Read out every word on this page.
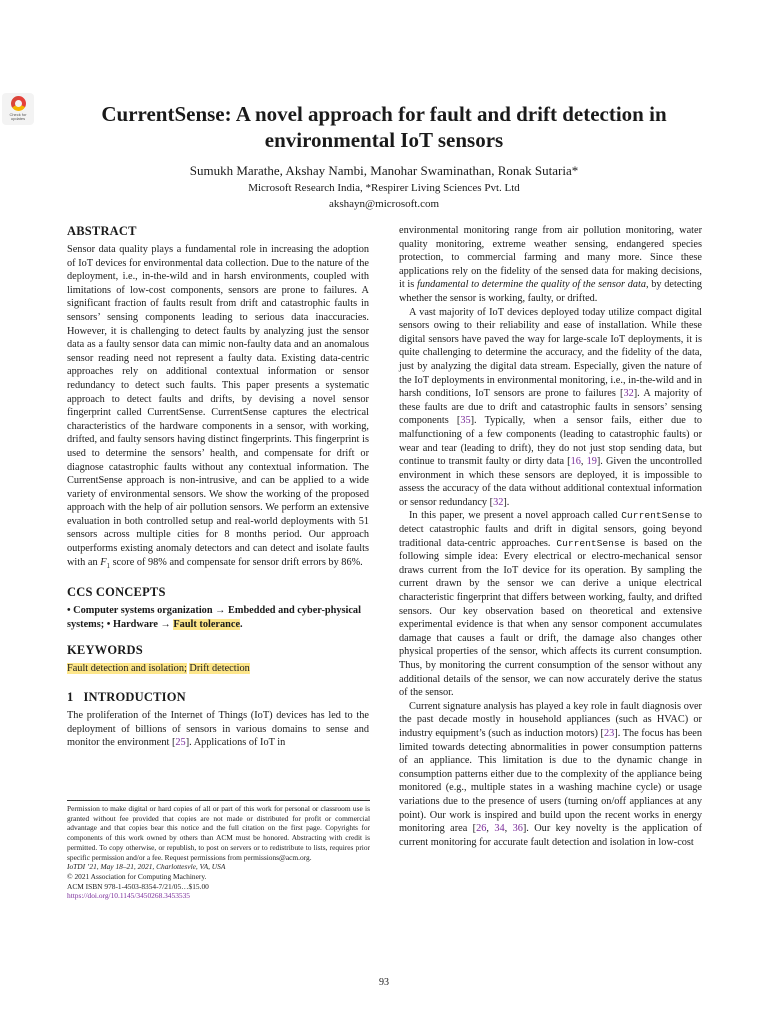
Check for
updates	CurrentSense: A novel approach for fault and drift detection in
environmental IoT sensors
Sumukh Marathe, Akshay Nambi, Manohar Swaminathan, Ronak Sutaria*
Microsoft Research India, *Respirer Living Sciences Pvt. Ltd
akshayn@microsoft.com
ABSTRACT

Sensor data quality plays a fundamental role in increasing the adoption of IoT devices for environmental data collection. Due to the nature of the deployment, i.e., in-the-wild and in harsh environments, coupled with limitations of low-cost components, sensors are prone to failures. A significant fraction of faults result from drift and catastrophic faults in sensors’ sensing components leading to serious data inaccuracies. However, it is challenging to detect faults by analyzing just the sensor data as a faulty sensor data can mimic non-faulty data and an anomalous sensor reading need not represent a faulty data. Existing data-centric approaches rely on additional contextual information or sensor redundancy to detect such faults. This paper presents a systematic approach to detect faults and drifts, by devising a novel sensor fingerprint called CurrentSense. CurrentSense captures the electrical characteristics of the hardware components in a sensor, with working, drifted, and faulty sensors having distinct fingerprints. This fingerprint is used to determine the sensors’ health, and compensate for drift or diagnose catastrophic faults without any contextual information. The CurrentSense approach is non-intrusive, and can be applied to a wide variety of environmental sensors. We show the working of the proposed approach with the help of air pollution sensors. We perform an extensive evaluation in both controlled setup and real-world deployments with 51 sensors across multiple cities for 8 months period. Our approach outperforms existing anomaly detectors and can detect and isolate faults with an $F_1$ score of 98% and compensate for sensor drift errors by 86%.

CCS CONCEPTS

• Computer systems organization → Embedded and cyber-physical systems; • Hardware → Fault tolerance.

KEYWORDS

Fault detection and isolation; Drift detection

1 INTRODUCTION

The proliferation of the Internet of Things (IoT) devices has led to the deployment of billions of sensors in various domains to sense and monitor the environment [25]. Applications of IoT in

Permission to make digital or hard copies of all or part of this work for personal or classroom use is granted without fee provided that copies are not made or distributed for profit or commercial advantage and that copies bear this notice and the full citation on the first page. Copyrights for components of this work owned by others than ACM must be honored. Abstracting with credit is permitted. To copy otherwise, or republish, to post on servers or to redistribute to lists, requires prior specific permission and/or a fee. Request permissions from permissions@acm.org.

IoTDI ’21, May 18–21, 2021, Charlottesvle, VA, USA

© 2021 Association for Computing Machinery.

ACM ISBN 978-1-4503-8354-7/21/05…$15.00

https://doi.org/10.1145/3450268.3453535

environmental monitoring range from air pollution monitoring, water quality monitoring, extreme weather sensing, endangered species protection, to commercial farming and many more. Since these applications rely on the fidelity of the sensed data for making decisions, it is fundamental to determine the quality of the sensor data, by detecting whether the sensor is working, faulty, or drifted.

A vast majority of IoT devices deployed today utilize compact digital sensors owing to their reliability and ease of installation. While these digital sensors have paved the way for large-scale IoT deployments, it is quite challenging to determine the accuracy, and the fidelity of the data, just by analyzing the digital data stream. Especially, given the nature of the IoT deployments in environmental monitoring, i.e., in-the-wild and in harsh conditions, IoT sensors are prone to failures [32]. A majority of these faults are due to drift and catastrophic faults in sensors’ sensing components [35]. Typically, when a sensor fails, either due to malfunctioning of a few components (leading to catastrophic faults) or wear and tear (leading to drift), they do not just stop sending data, but continue to transmit faulty or dirty data [16, 19]. Given the uncontrolled environment in which these sensors are deployed, it is impossible to assess the accuracy of the data without additional contextual information or sensor redundancy [32].

In this paper, we present a novel approach called CurrentSense to detect catastrophic faults and drift in digital sensors, going beyond traditional data-centric approaches. CurrentSense is based on the following simple idea: Every electrical or electro-mechanical sensor draws current from the IoT device for its operation. By sampling the current drawn by the sensor we can derive a unique electrical characteristic fingerprint that differs between working, faulty, and drifted sensors. Our key observation based on theoretical and extensive experimental evidence is that when any sensor component accumulates damage that causes a fault or drift, the damage also changes other physical properties of the sensor, which affects its current consumption. Thus, by monitoring the current consumption of the sensor without any additional details of the sensor, we can now accurately derive the status of the sensor.

Current signature analysis has played a key role in fault diagnosis over the past decade mostly in household appliances (such as HVAC) or industry equipment’s (such as induction motors) [23]. The focus has been limited towards detecting abnormalities in power consumption patterns of an appliance. This limitation is due to the dynamic change in consumption patterns either due to the complexity of the appliance being monitored (e.g., multiple states in a washing machine cycle) or usage variations due to the presence of users (turning on/off appliances at any point). Our work is inspired and build upon the recent works in energy monitoring area [26, 34, 36]. Our key novelty is the application of current monitoring for accurate fault detection and isolation in low-cost

93
